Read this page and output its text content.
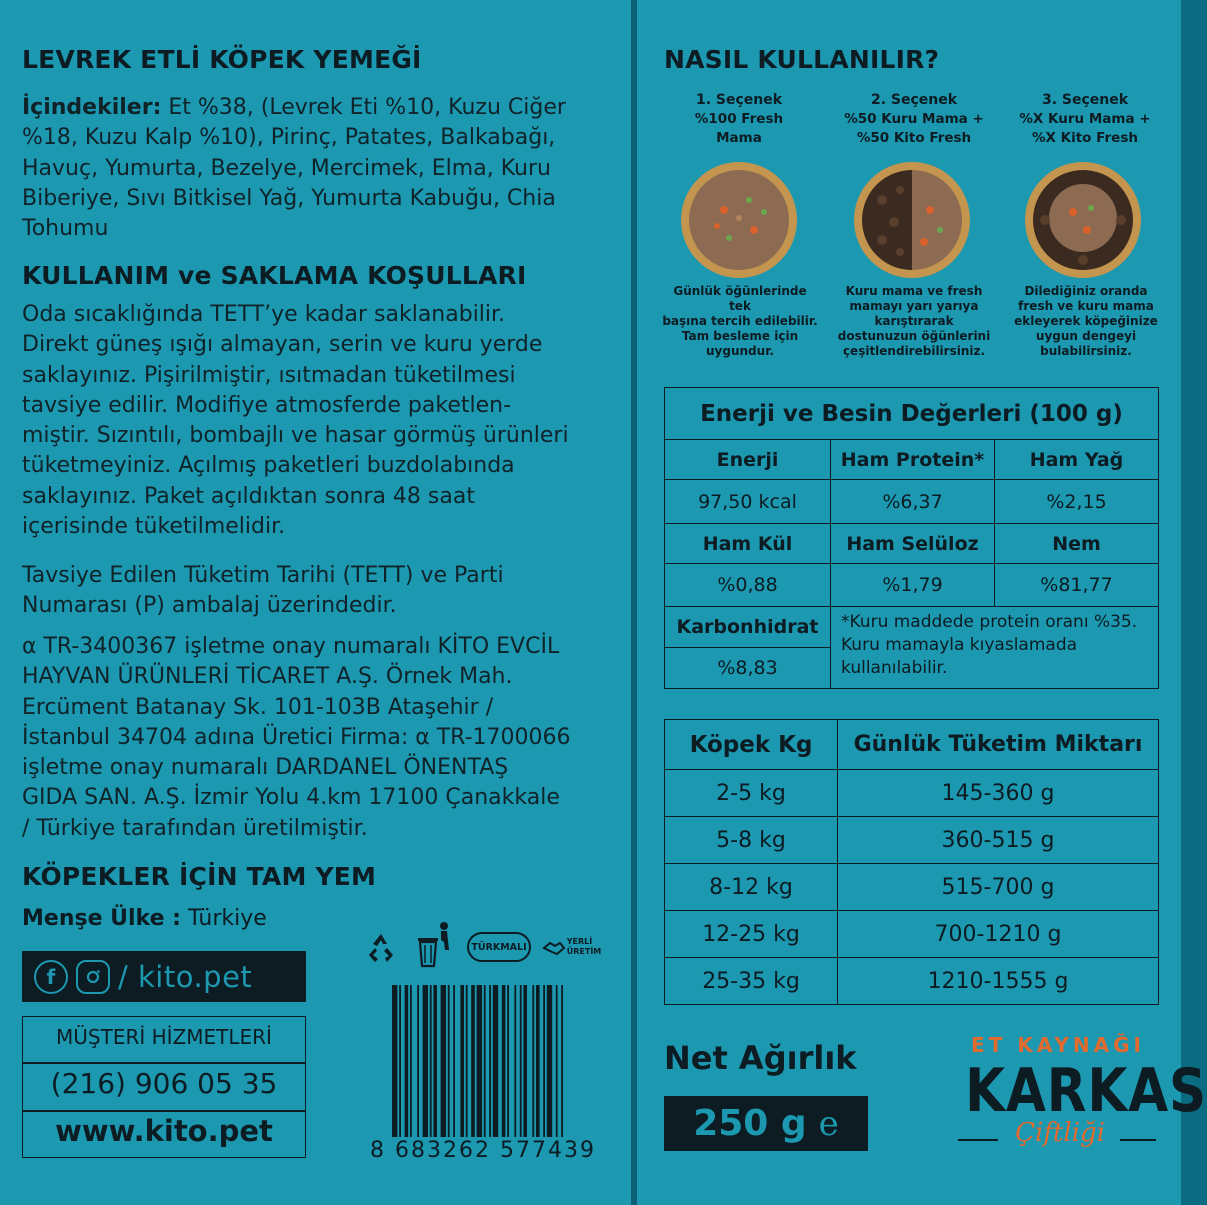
LEVREK ETLİ KÖPEK YEMEĞİ
İçindekiler: Et %38, (Levrek Eti %10, Kuzu Ciğer
%18, Kuzu Kalp %10), Pirinç, Patates, Balkabağı,
Havuç, Yumurta, Bezelye, Mercimek, Elma, Kuru
Biberiye, Sıvı Bitkisel Yağ, Yumurta Kabuğu, Chia
Tohumu
KULLANIM ve SAKLAMA KOŞULLARI
Oda sıcaklığında TETT’ye kadar saklanabilir.
Direkt güneş ışığı almayan, serin ve kuru yerde
saklayınız. Pişirilmiştir, ısıtmadan tüketilmesi
tavsiye edilir. Modifiye atmosferde paketlen-
miştir. Sızıntılı, bombajlı ve hasar görmüş ürünleri
tüketmeyiniz. Açılmış paketleri buzdolabında
saklayınız. Paket açıldıktan sonra 48 saat
içerisinde tüketilmelidir.
Tavsiye Edilen Tüketim Tarihi (TETT) ve Parti
Numarası (P) ambalaj üzerindedir.
α TR-3400367 işletme onay numaralı KİTO EVCİL
HAYVAN ÜRÜNLERİ TİCARET A.Ş. Örnek Mah.
Ercüment Batanay Sk. 101-103B Ataşehir /
İstanbul 34704 adına Üretici Firma: α TR-1700066
işletme onay numaralı DARDANEL ÖNENTAŞ
GIDA SAN. A.Ş. İzmir Yolu 4.km 17100 Çanakkale
/ Türkiye tarafından üretilmiştir.
KÖPEKLER İÇİN TAM YEM
Menşe Ülke : Türkiye
f	/ kito.pet
MÜŞTERİ HİZMETLERİ
(216) 906 05 35
www.kito.pet
TÜRKMALI	YERLİ
ÜRETİM
8 683262 577439
NASIL KULLANILIR?
1. Seçenek
%100 Fresh
Mama
2. Seçenek
%50 Kuru Mama +
%50 Kito Fresh
3. Seçenek
%X Kuru Mama +
%X Kito Fresh
Günlük öğünlerinde tek
başına tercih edilebilir.
Tam besleme için
uygundur.
Kuru mama ve fresh
mamayı yarı yarıya
karıştırarak
dostunuzun öğünlerini
çeşitlendirebilirsiniz.
Dilediğiniz oranda
fresh ve kuru mama
ekleyerek köpeğinize
uygun dengeyi
bulabilirsiniz.
Enerji ve Besin Değerleri (100 g)		
Enerji	Ham Protein*	Ham Yağ
97,50 kcal	%6,37	%2,15
Ham Kül	Ham Selüloz	Nem
%0,88	%1,79	%81,77
Karbonhidrat	*Kuru maddede protein oranı %35.
Kuru mamayla kıyaslamada
kullanılabilir.	

%8,83		
Köpek Kg	Günlük Tüketim Miktarı
2-5 kg	145-360 g
5-8 kg	360-515 g
8-12 kg	515-700 g
12-25 kg	700-1210 g
25-35 kg	1210-1555 g
Net Ağırlık
250 g e
ET KAYNAĞI
KARKAS
Çiftliği
